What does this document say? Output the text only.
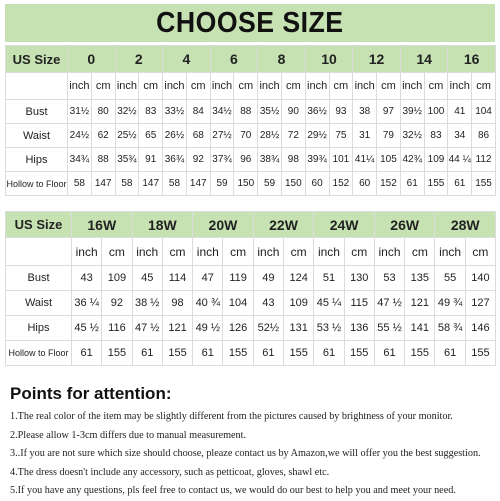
CHOOSE SIZE
US Size	0		2		4		6		8		10		12		14		16	
	inch	cm	inch	cm	inch	cm	inch	cm	inch	cm	inch	cm	inch	cm	inch	cm	inch	cm
Bust	31½	80	32½	83	33½	84	34½	88	35½	90	36½	93	38	97	39½	100	41	104
Waist	24½	62	25½	65	26½	68	27½	70	28½	72	29½	75	31	79	32½	83	34	86
Hips	34¾	88	35¾	91	36¾	92	37¾	96	38¾	98	39¾	101	41¼	105	42¾	109	44 ¼	112
Hollow to Floor	58	147	58	147	58	147	59	150	59	150	60	152	60	152	61	155	61	155
US Size	16W		18W		20W		22W		24W		26W		28W	
	inch	cm	inch	cm	inch	cm	inch	cm	inch	cm	inch	cm	inch	cm
Bust	43	109	45	114	47	119	49	124	51	130	53	135	55	140
Waist	36 ¼	92	38 ½	98	40 ¾	104	43	109	45 ¼	115	47 ½	121	49 ¾	127
Hips	45 ½	116	47 ½	121	49 ½	126	52½	131	53 ½	136	55 ½	141	58 ¾	146
Hollow to Floor	61	155	61	155	61	155	61	155	61	155	61	155	61	155
Points for attention:

1.The real color of the item may be slightly different from the pictures caused by brightness of your monitor.

2.Please allow 1-3cm differs due to manual measurement.

3..If you are not sure which size should choose, pleaze contact us by Amazon,we will offer you the best suggestion.

4.The dress doesn't include any accessory, such as petticoat, gloves, shawl etc.

5.If you have any questions, pls feel free to contact us, we would do our best to help you and meet your need.
